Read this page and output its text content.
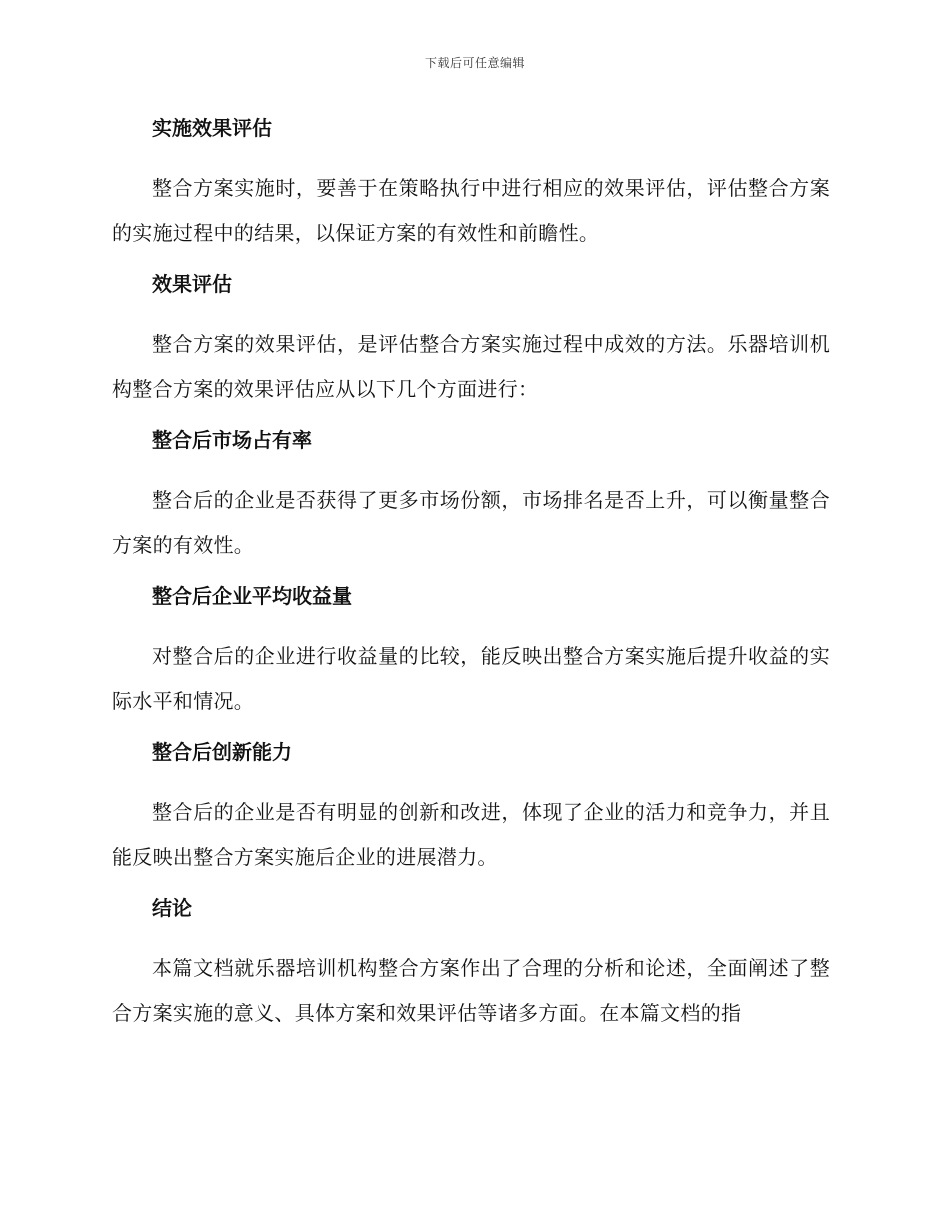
下载后可任意编辑
实施效果评估

整合方案实施时，要善于在策略执行中进行相应的效果评估，评估整合方案的实施过程中的结果，以保证方案的有效性和前瞻性。

效果评估

整合方案的效果评估，是评估整合方案实施过程中成效的方法。乐器培训机构整合方案的效果评估应从以下几个方面进行：

整合后市场占有率

整合后的企业是否获得了更多市场份额，市场排名是否上升，可以衡量整合方案的有效性。

整合后企业平均收益量

对整合后的企业进行收益量的比较，能反映出整合方案实施后提升收益的实际水平和情况。

整合后创新能力

整合后的企业是否有明显的创新和改进，体现了企业的活力和竞争力，并且能反映出整合方案实施后企业的进展潜力。

结论

本篇文档就乐器培训机构整合方案作出了合理的分析和论述，全面阐述了整合方案实施的意义、具体方案和效果评估等诸多方面。在本篇文档的指
